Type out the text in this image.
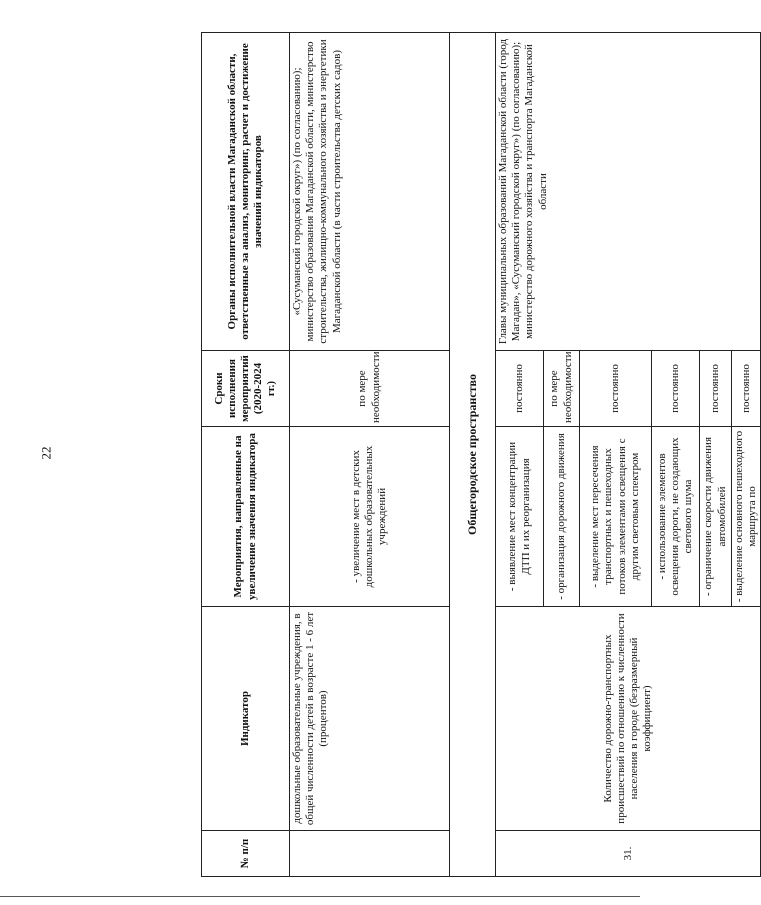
22
№ п/п	Индикатор	Мероприятия, направленные на увеличение значения индикатора	Сроки исполнения мероприятий (2020-2024 гг.)	Органы исполнительной власти Магаданской области, ответственные за анализ, мониторинг, расчет и достижение значений индикаторов
	дошкольные образовательные учреждения, в общей численности детей в возрасте 1 - 6 лет (процентов)	- увеличение мест в детских дошкольных образовательных учреждений	по мере необходимости	«Сусуманский городской округ») (по согласованию); министерство образования Магаданской области, министерство строительства, жилищно-коммунального хозяйства и энергетики Магаданской области (в части строительства детских садов)
Общегородское пространство				
31.	Количество дорожно-транспортных происшествий по отношению к численности населения в городе (безразмерный коэффициент)	- выявление мест концентрации ДТП и их реорганизация	постоянно	Главы муниципальных образований Магаданской области (город Магадан», «Сусуманский городской округ») (по согласованию); министерство дорожного хозяйства и транспорта Магаданской области
		- организация дорожного движения	по мере необходимости	
		- выделение мест пересечения транспортных и пешеходных потоков элементами освещения с другим световым спектром	постоянно	
		- использование элементов освещения дороги, не создающих светового шума	постоянно	
		- ограничение скорости движения автомобилей	постоянно	
		- выделение основного пешеходного маршрута по	постоянно	
